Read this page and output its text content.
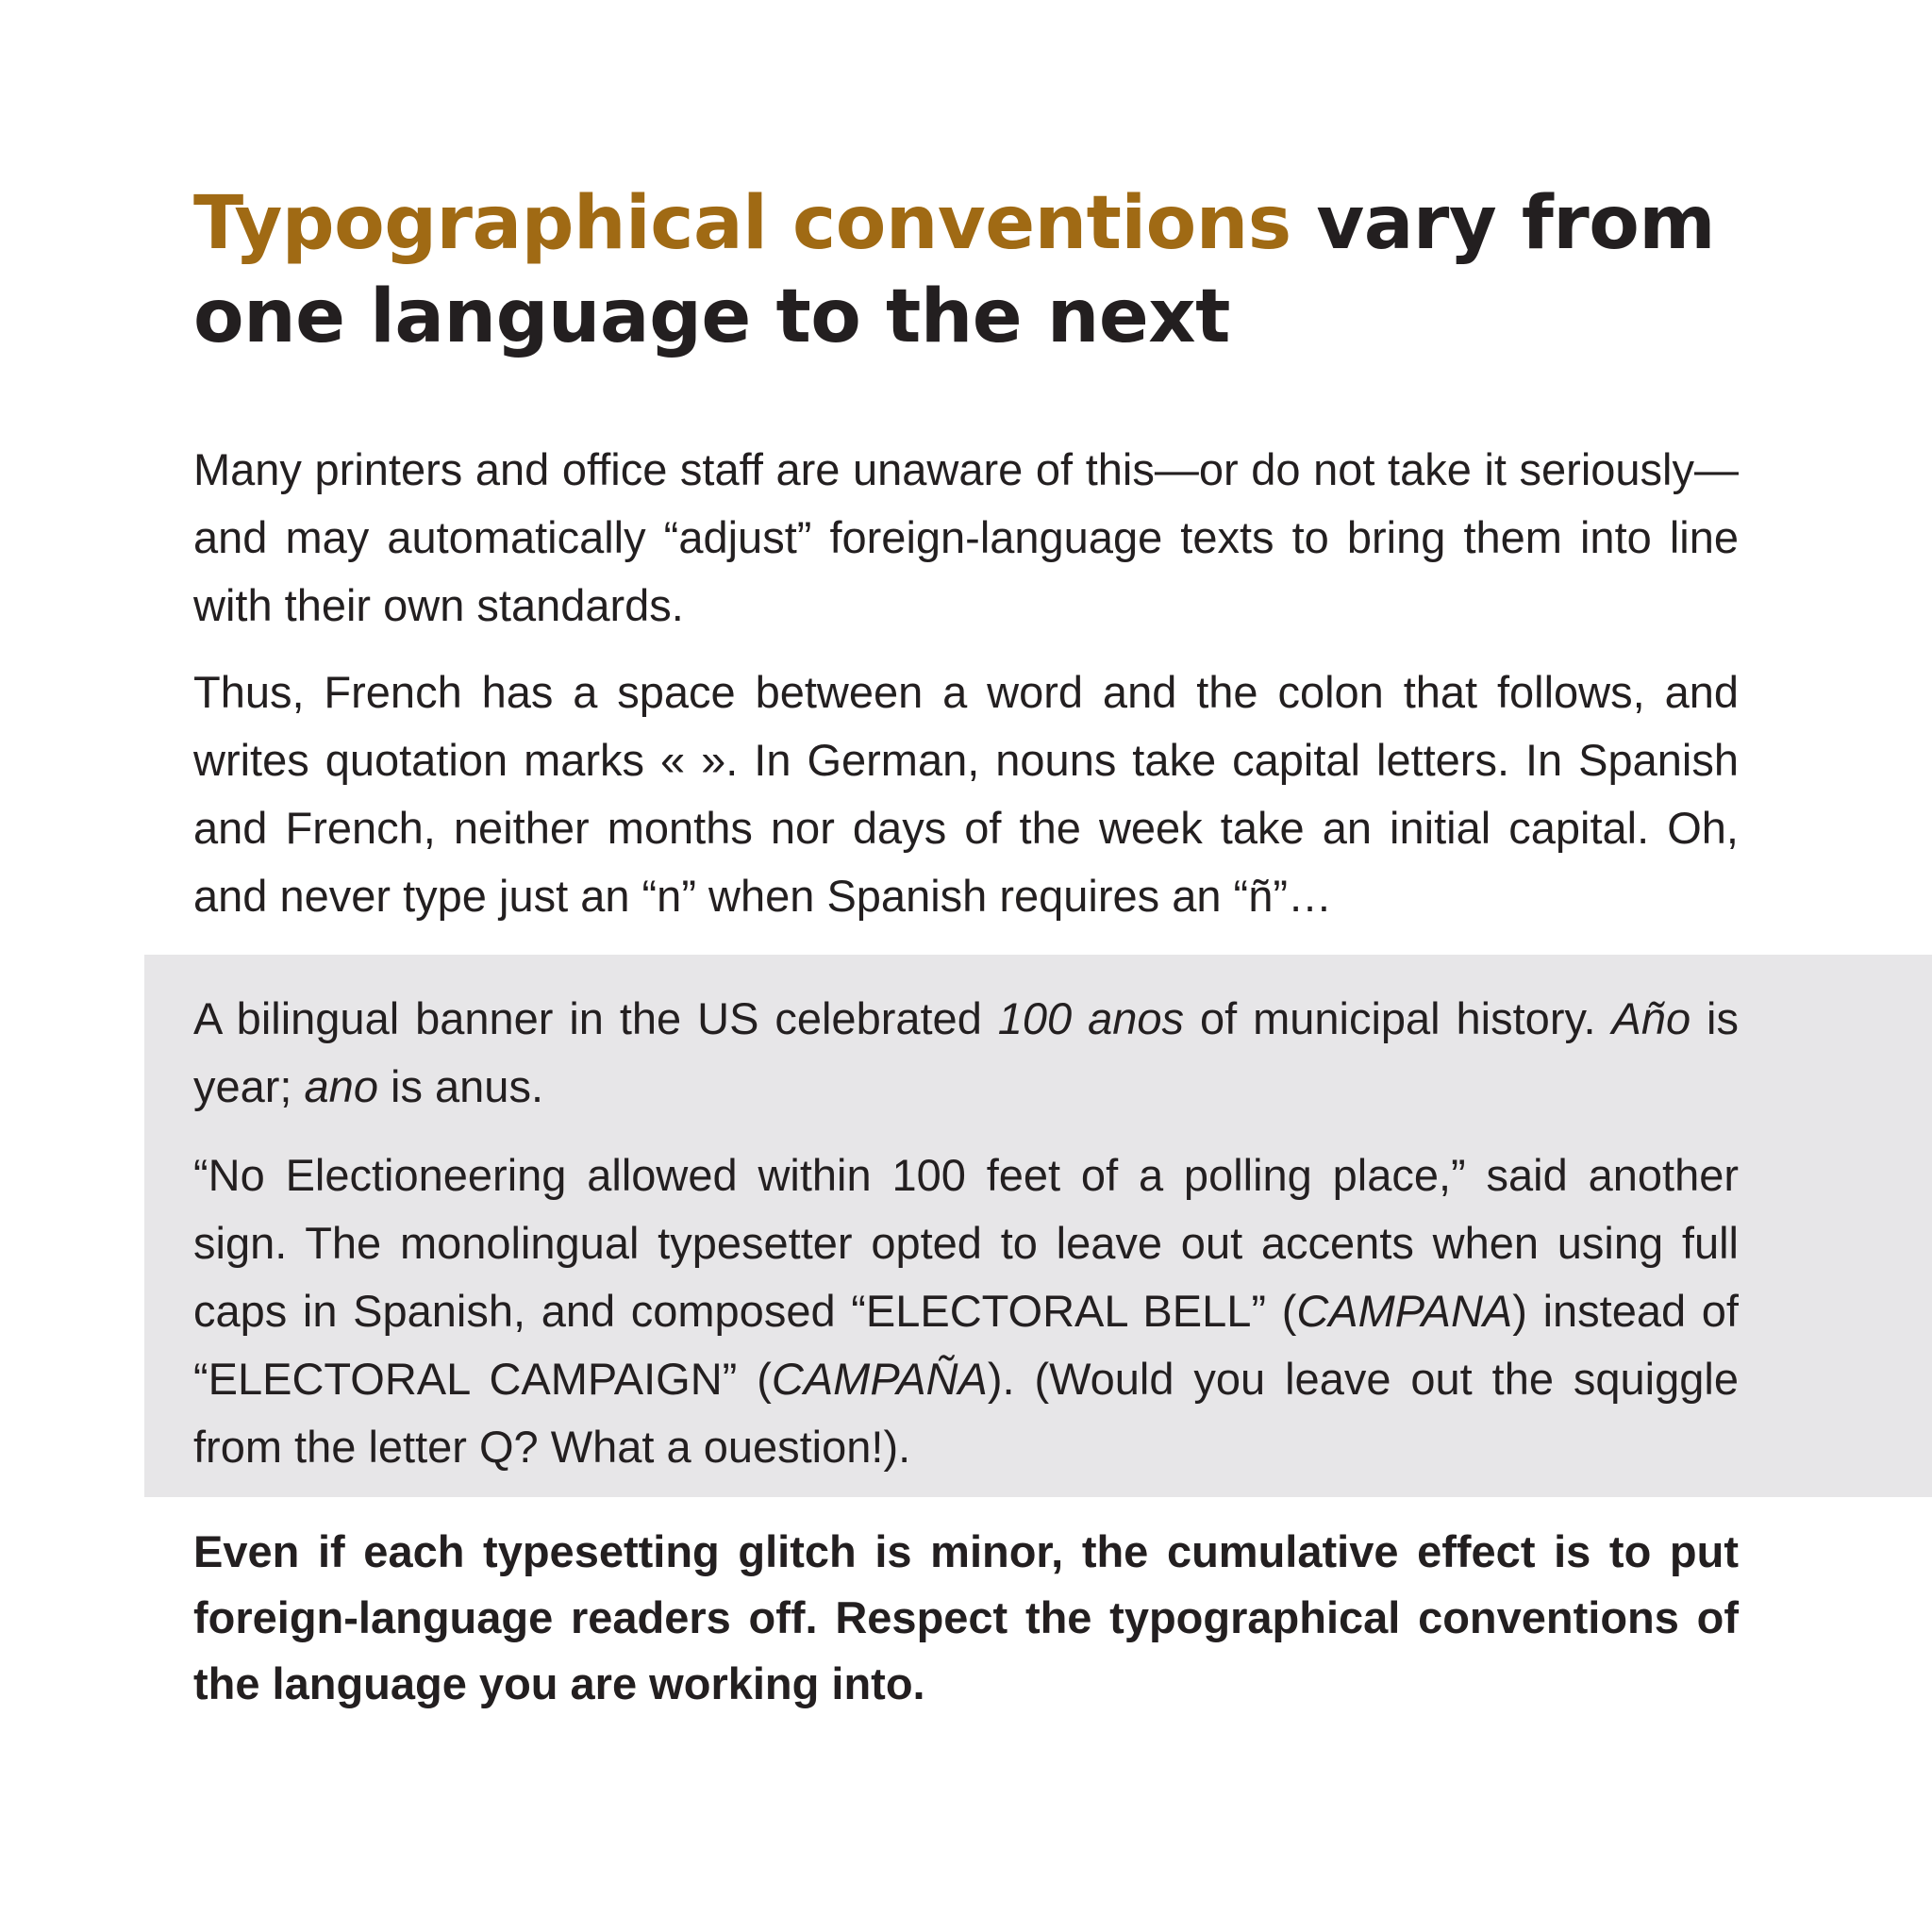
Typographical conventions vary from one language to the next

Many printers and office staff are unaware of this—or do not take it seriously—and may automatically “adjust” foreign-language texts to bring them into line with their own standards.

Thus, French has a space between a word and the colon that follows, and writes quotation marks « ». In German, nouns take capital letters. In Spanish and French, neither months nor days of the week take an initial capital. Oh, and never type just an “n” when Spanish requires an “ñ”…

A bilingual banner in the US celebrated 100 anos of municipal history. Año is year; ano is anus.

“No Electioneering allowed within 100 feet of a polling place,” said another sign. The monolingual typesetter opted to leave out accents when using full caps in Spanish, and composed “ELECTORAL BELL” (CAMPANA) instead of “ELECTORAL CAMPAIGN” (CAMPAÑA). (Would you leave out the squiggle from the letter Q? What a ouestion!).

Even if each typesetting glitch is minor, the cumulative effect is to put foreign-language readers off. Respect the typographical conventions of the language you are working into.
